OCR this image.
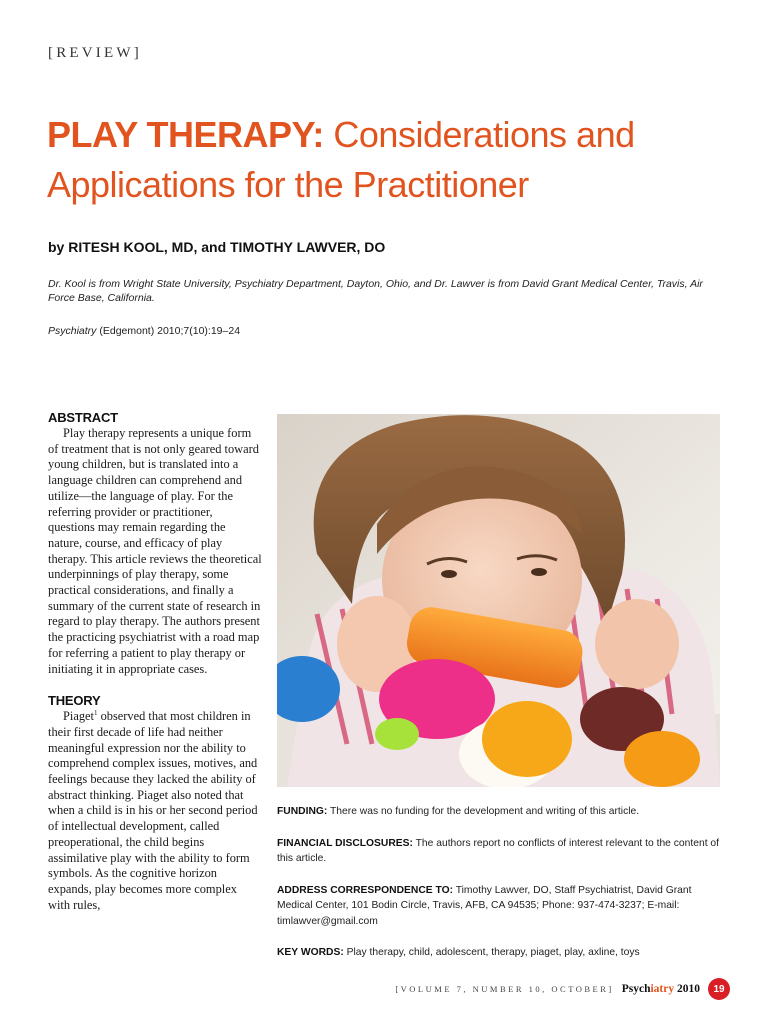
[REVIEW]
PLAY THERAPY: Considerations and
Applications for the Practitioner
by RITESH KOOL, MD, and TIMOTHY LAWVER, DO
Dr. Kool is from Wright State University, Psychiatry Department, Dayton, Ohio, and Dr. Lawver is from David Grant Medical Center, Travis, Air Force Base, California.
Psychiatry (Edgemont) 2010;7(10):19–24
ABSTRACT

Play therapy represents a unique form of treatment that is not only geared toward young children, but is translated into a language children can comprehend and utilize—the language of play. For the referring provider or practitioner, questions may remain regarding the nature, course, and efficacy of play therapy. This article reviews the theoretical underpinnings of play therapy, some practical considerations, and finally a summary of the current state of research in regard to play therapy. The authors present the practicing psychiatrist with a road map for referring a patient to play therapy or initiating it in appropriate cases.

THEORY

Piaget$^1$ observed that most children in their first decade of life had neither meaningful expression nor the ability to comprehend complex issues, motives, and feelings because they lacked the ability of abstract thinking. Piaget also noted that when a child is in his or her second period of intellectual development, called preoperational, the child begins assimilative play with the ability to form symbols. As the cognitive horizon expands, play becomes more complex with rules,

FUNDING: There was no funding for the development and writing of this article.

FINANCIAL DISCLOSURES: The authors report no conflicts of interest relevant to the content of this article.

ADDRESS CORRESPONDENCE TO: Timothy Lawver, DO, Staff Psychiatrist, David Grant Medical Center, 101 Bodin Circle, Travis, AFB, CA 94535; Phone: 937-474-3237; E-mail: timlawver@gmail.com

KEY WORDS: Play therapy, child, adolescent, therapy, piaget, play, axline, toys

[VOLUME 7, NUMBER 10, OCTOBER] Psychiatry 2010	19
